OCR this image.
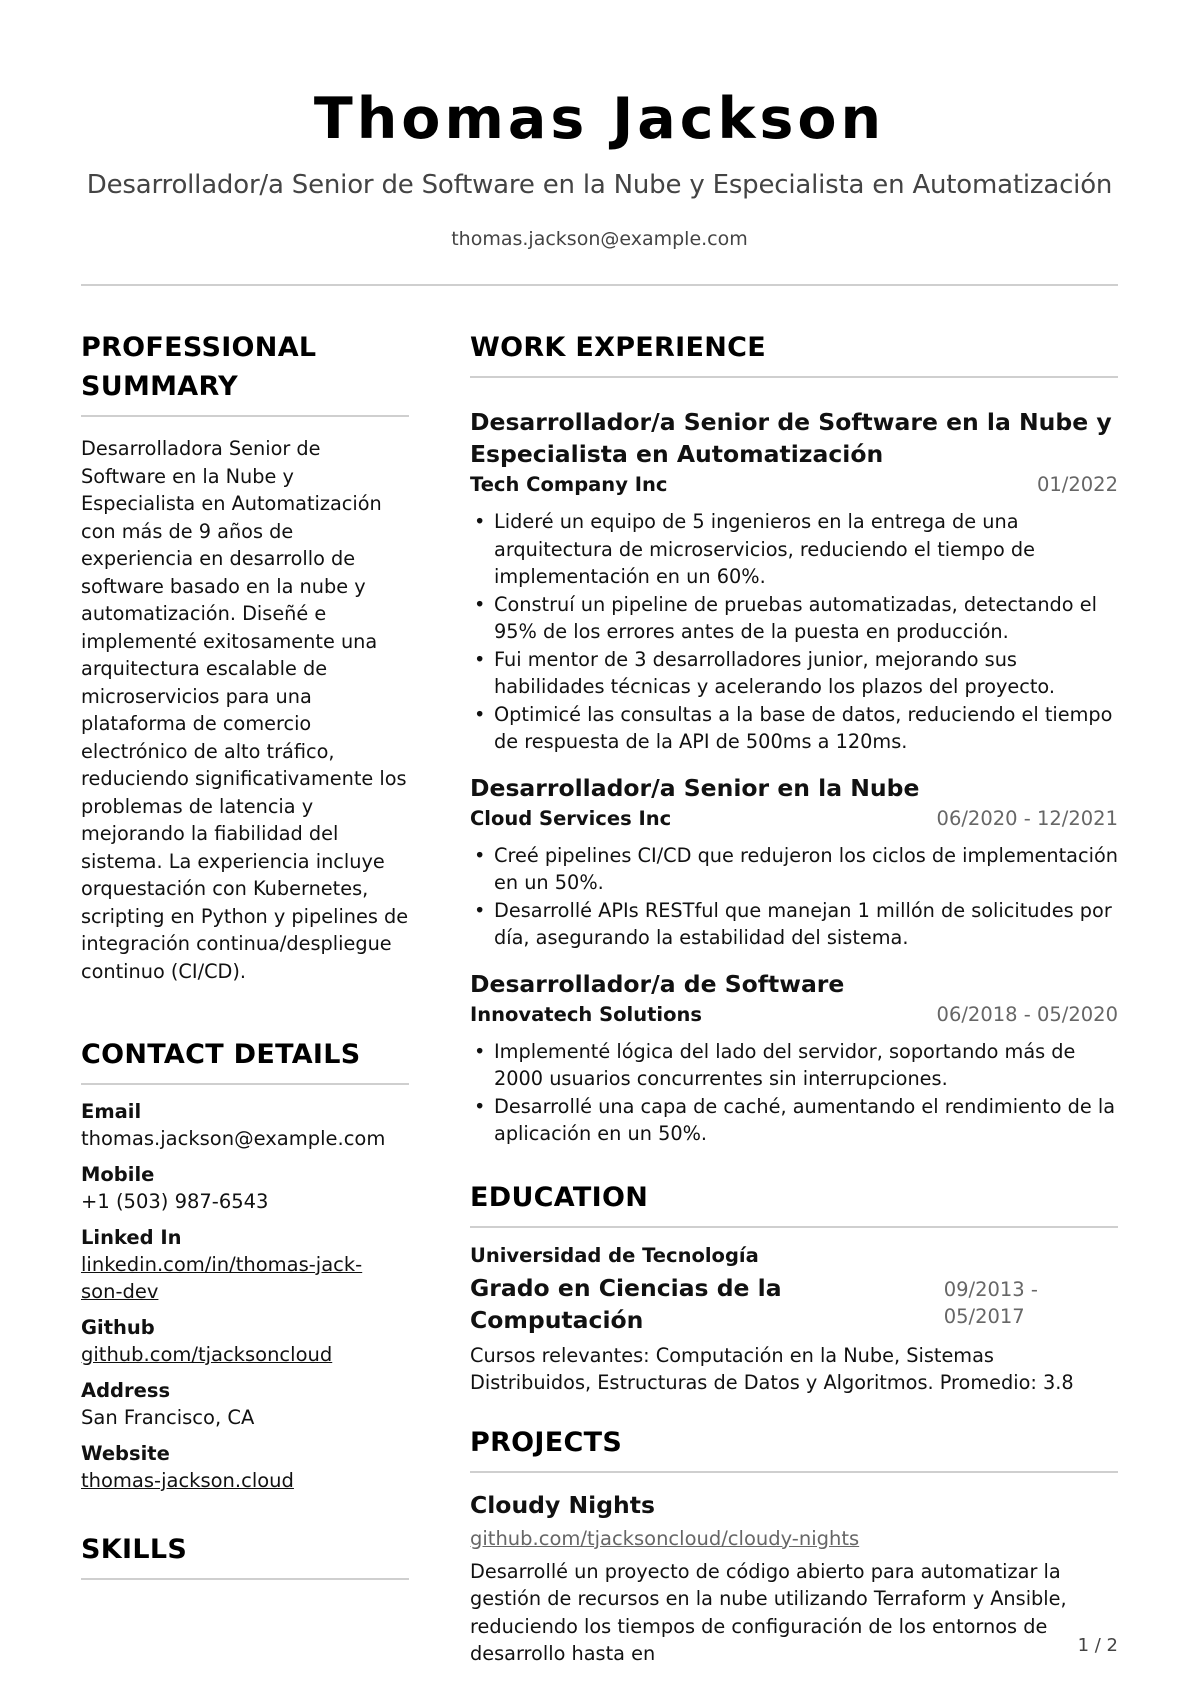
Thomas Jackson
Desarrollador/a Senior de Software en la Nube y Especialista en Automatización
thomas.jackson@example.com
PROFESSIONAL
SUMMARY
Desarrolladora Senior de Software en la Nube y Especialista en Automatización con más de 9 años de experiencia en desarrollo de software basado en la nube y automatización. Diseñé e implementé exitosamente una arquitectura escalable de microservicios para una plataforma de comercio electrónico de alto tráfico, reduciendo significativamente los problemas de latencia y mejorando la fiabilidad del sistema. La experiencia incluye orquestación con Kubernetes, scripting en Python y pipelines de integración continua/despliegue continuo (CI/CD).
CONTACT DETAILS
Email
thomas.jackson@example.com
Mobile
+1 (503) 987-6543
Linked In
linkedin.com/in/thomas-jack-
son-dev
Github
github.com/tjacksoncloud
Address
San Francisco, CA
Website
thomas-jackson.cloud
SKILLS
WORK EXPERIENCE
Desarrollador/a Senior de Software en la Nube y Especialista en Automatización
Tech Company Inc	01/2022
• Lideré un equipo de 5 ingenieros en la entrega de una arquitectura de microservicios, reduciendo el tiempo de implementación en un 60%.
• Construí un pipeline de pruebas automatizadas, detectando el 95% de los errores antes de la puesta en producción.
• Fui mentor de 3 desarrolladores junior, mejorando sus habilidades técnicas y acelerando los plazos del proyecto.
• Optimicé las consultas a la base de datos, reduciendo el tiempo de respuesta de la API de 500ms a 120ms.
Desarrollador/a Senior en la Nube
Cloud Services Inc	06/2020 - 12/2021
• Creé pipelines CI/CD que redujeron los ciclos de implementación en un 50%.
• Desarrollé APIs RESTful que manejan 1 millón de solicitudes por día, asegurando la estabilidad del sistema.
Desarrollador/a de Software
Innovatech Solutions	06/2018 - 05/2020
• Implementé lógica del lado del servidor, soportando más de 2000 usuarios concurrentes sin interrupciones.
• Desarrollé una capa de caché, aumentando el rendimiento de la aplicación en un 50%.
EDUCATION
Universidad de Tecnología
Grado en Ciencias de la Computación
09/2013 - 05/2017
Cursos relevantes: Computación en la Nube, Sistemas Distribuidos, Estructuras de Datos y Algoritmos. Promedio: 3.8
PROJECTS
Cloudy Nights
github.com/tjacksoncloud/cloudy-nights
Desarrollé un proyecto de código abierto para automatizar la gestión de recursos en la nube utilizando Terraform y Ansible, reduciendo los tiempos de configuración de los entornos de desarrollo hasta en	1 / 2
